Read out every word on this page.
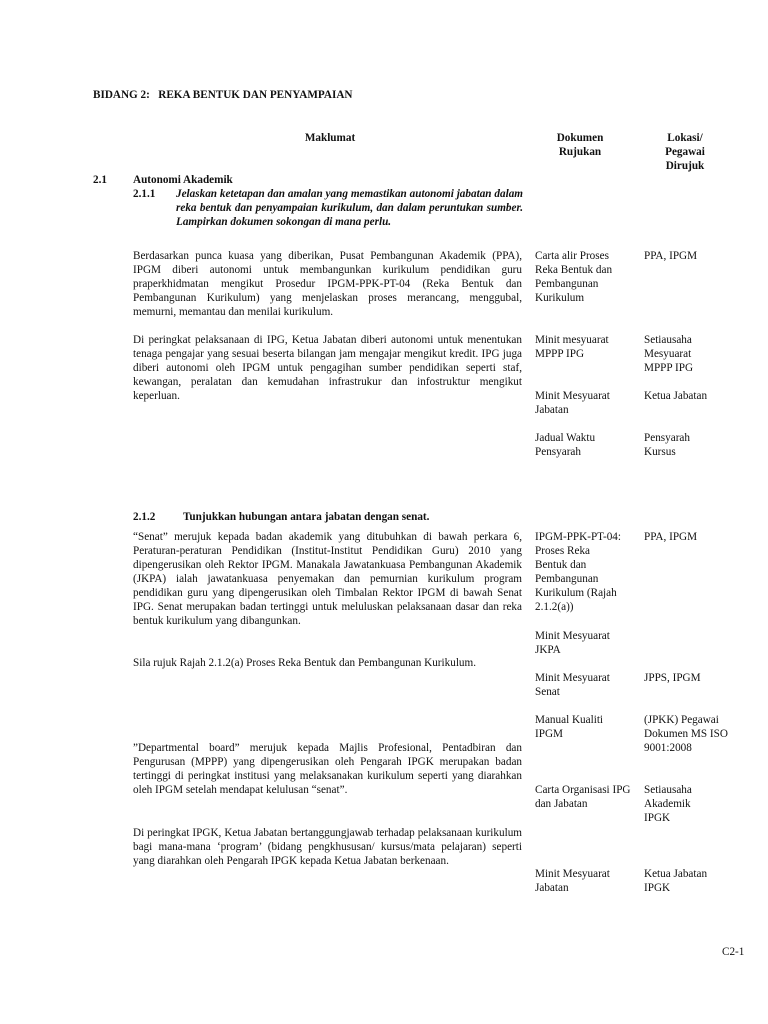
BIDANG 2:   REKA BENTUK DAN PENYAMPAIAN
Maklumat	Dokumen
Rujukan
Lokasi/
Pegawai
Dirujuk
2.1 Autonomi Akademik
2.1.1 Jelaskan ketetapan dan amalan yang memastikan autonomi jabatan dalam reka bentuk dan penyampaian kurikulum, dan dalam peruntukan sumber. Lampirkan dokumen sokongan di mana perlu.
Berdasarkan punca kuasa yang diberikan, Pusat Pembangunan Akademik (PPA), IPGM diberi autonomi untuk membangunkan kurikulum pendidikan guru praperkhidmatan mengikut Prosedur IPGM-PPK-PT-04 (Reka Bentuk dan Pembangunan Kurikulum) yang menjelaskan proses merancang, menggubal, memurni, memantau dan menilai kurikulum.
Di peringkat pelaksanaan di IPG, Ketua Jabatan diberi autonomi untuk menentukan tenaga pengajar yang sesuai beserta bilangan jam mengajar mengikut kredit. IPG juga diberi autonomi oleh IPGM untuk pengagihan sumber pendidikan seperti staf, kewangan, peralatan dan kemudahan infrastrukur dan infostruktur mengikut keperluan.
Carta alir Proses Reka Bentuk dan Pembangunan Kurikulum
PPA, IPGM
Minit mesyuarat MPPP IPG
Setiausaha Mesyuarat MPPP IPG
Minit Mesyuarat Jabatan
Ketua Jabatan
Jadual Waktu Pensyarah
Pensyarah Kursus
2.1.2 Tunjukkan hubungan antara jabatan dengan senat.
“Senat” merujuk kepada badan akademik yang ditubuhkan di bawah perkara 6, Peraturan-peraturan Pendidikan (Institut-Institut Pendidikan Guru) 2010 yang dipengerusikan oleh Rektor IPGM. Manakala Jawatankuasa Pembangunan Akademik (JKPA) ialah jawatankuasa penyemakan dan pemurnian kurikulum program pendidikan guru yang dipengerusikan oleh Timbalan Rektor IPGM di bawah Senat IPG. Senat merupakan badan tertinggi untuk meluluskan pelaksanaan dasar dan reka bentuk kurikulum yang dibangunkan.
Sila rujuk Rajah 2.1.2(a) Proses Reka Bentuk dan Pembangunan Kurikulum.
”Departmental board” merujuk kepada Majlis Profesional, Pentadbiran dan Pengurusan (MPPP) yang dipengerusikan oleh Pengarah IPGK merupakan badan tertinggi di peringkat institusi yang melaksanakan kurikulum seperti yang diarahkan oleh IPGM setelah mendapat kelulusan “senat”.
Di peringkat IPGK, Ketua Jabatan bertanggungjawab terhadap pelaksanaan kurikulum bagi mana-mana ‘program’ (bidang pengkhususan/ kursus/mata pelajaran) seperti yang diarahkan oleh Pengarah IPGK kepada Ketua Jabatan berkenaan.
IPGM-PPK-PT-04: Proses Reka Bentuk dan Pembangunan Kurikulum (Rajah 2.1.2(a))
PPA, IPGM
Minit Mesyuarat JKPA
Minit Mesyuarat Senat
JPPS, IPGM
Manual Kualiti IPGM
(JPKK) Pegawai Dokumen MS ISO 9001:2008
Carta Organisasi IPG dan Jabatan
Setiausaha Akademik IPGK
Minit Mesyuarat Jabatan
Ketua Jabatan IPGK
C2-1
